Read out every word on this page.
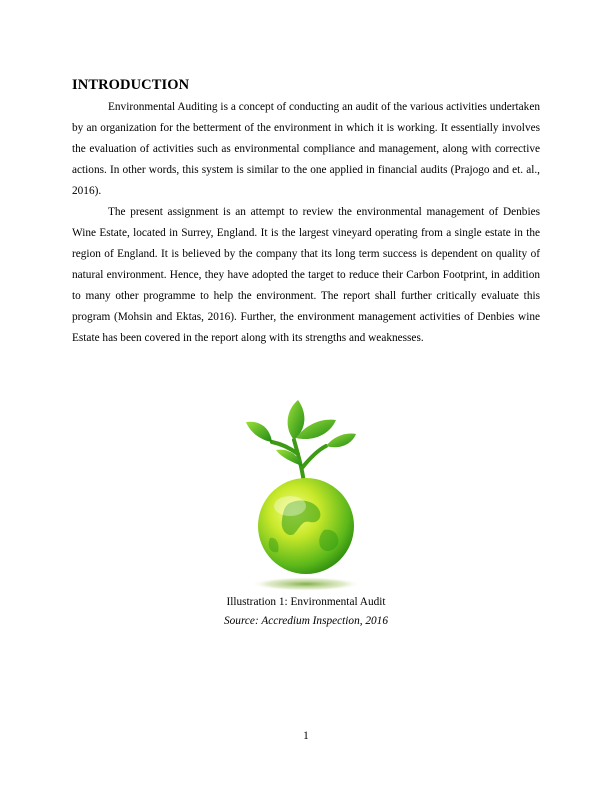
INTRODUCTION

Environmental Auditing is a concept of conducting an audit of the various activities undertaken by an organization for the betterment of the environment in which it is working. It essentially involves the evaluation of activities such as environmental compliance and management, along with corrective actions. In other words, this system is similar to the one applied in financial audits (Prajogo and et. al., 2016).

The present assignment is an attempt to review the environmental management of Denbies Wine Estate, located in Surrey, England. It is the largest vineyard operating from a single estate in the region of England. It is believed by the company that its long term success is dependent on quality of natural environment. Hence, they have adopted the target to reduce their Carbon Footprint, in addition to many other programme to help the environment. The report shall further critically evaluate this program (Mohsin and Ektas, 2016). Further, the environment management activities of Denbies wine Estate has been covered in the report along with its strengths and weaknesses.

Illustration 1: Environmental Audit
Source: Accredium Inspection, 2016
1
